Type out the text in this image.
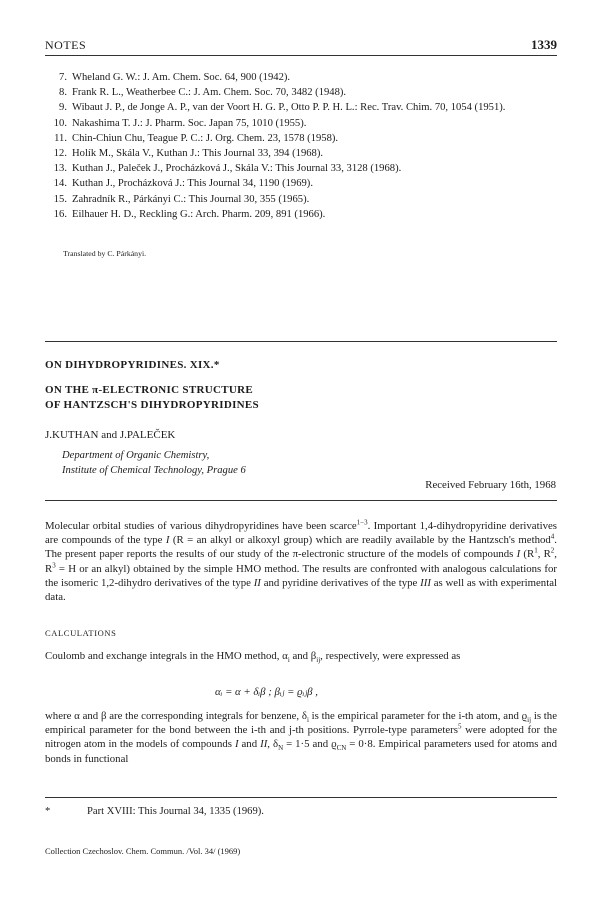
NOTES	1339
7. Wheland G. W.: J. Am. Chem. Soc. 64, 900 (1942).
8. Frank R. L., Weatherbee C.: J. Am. Chem. Soc. 70, 3482 (1948).
9. Wibaut J. P., de Jonge A. P., van der Voort H. G. P., Otto P. P. H. L.: Rec. Trav. Chim. 70, 1054 (1951).
10. Nakashima T. J.: J. Pharm. Soc. Japan 75, 1010 (1955).
11. Chin-Chiun Chu, Teague P. C.: J. Org. Chem. 23, 1578 (1958).
12. Holík M., Skála V., Kuthan J.: This Journal 33, 394 (1968).
13. Kuthan J., Paleček J., Procházková J., Skála V.: This Journal 33, 3128 (1968).
14. Kuthan J., Procházková J.: This Journal 34, 1190 (1969).
15. Zahradník R., Párkányi C.: This Journal 30, 355 (1965).
16. Eilhauer H. D., Reckling G.: Arch. Pharm. 209, 891 (1966).
Translated by C. Párkányi.
ON DIHYDROPYRIDINES. XIX.*
ON THE π-ELECTRONIC STRUCTURE
OF HANTZSCH'S DIHYDROPYRIDINES
J.KUTHAN and J.PALEČEK
Department of Organic Chemistry,
Institute of Chemical Technology, Prague 6
Received February 16th, 1968
Molecular orbital studies of various dihydropyridines have been scarce$^{1-3}$. Important 1,4-dihydropyridine derivatives are compounds of the type I (R = an alkyl or alkoxyl group) which are readily available by the Hantzsch's method$^4$. The present paper reports the results of our study of the π-electronic structure of the models of compounds I ($R^1$, $R^2$, $R^3 = H$ or an alkyl) obtained by the simple HMO method. The results are confronted with analogous calculations for the isomeric 1,2-dihydro derivatives of the type II and pyridine derivatives of the type III as well as with experimental data.
CALCULATIONS
Coulomb and exchange integrals in the HMO method, $\alpha_i$ and $\beta_{ij}$, respectively, were expressed as
αᵢ = α + δᵢβ ; βᵢⱼ = ϱᵢⱼβ ,
where α and β are the corresponding integrals for benzene, $\delta_i$ is the empirical parameter for the i-th atom, and $ϱ_{ij}$ is the empirical parameter for the bond between the i-th and j-th positions. Pyrrole-type parameters$^5$ were adopted for the nitrogen atom in the models of compounds I and II, $\delta_N = 1\cdot 5$ and $ϱ_{CN} = 0\cdot 8$. Empirical parameters used for atoms and bonds in functional
*	Part XVIII: This Journal 34, 1335 (1969).
Collection Czechoslov. Chem. Commun. /Vol. 34/ (1969)
